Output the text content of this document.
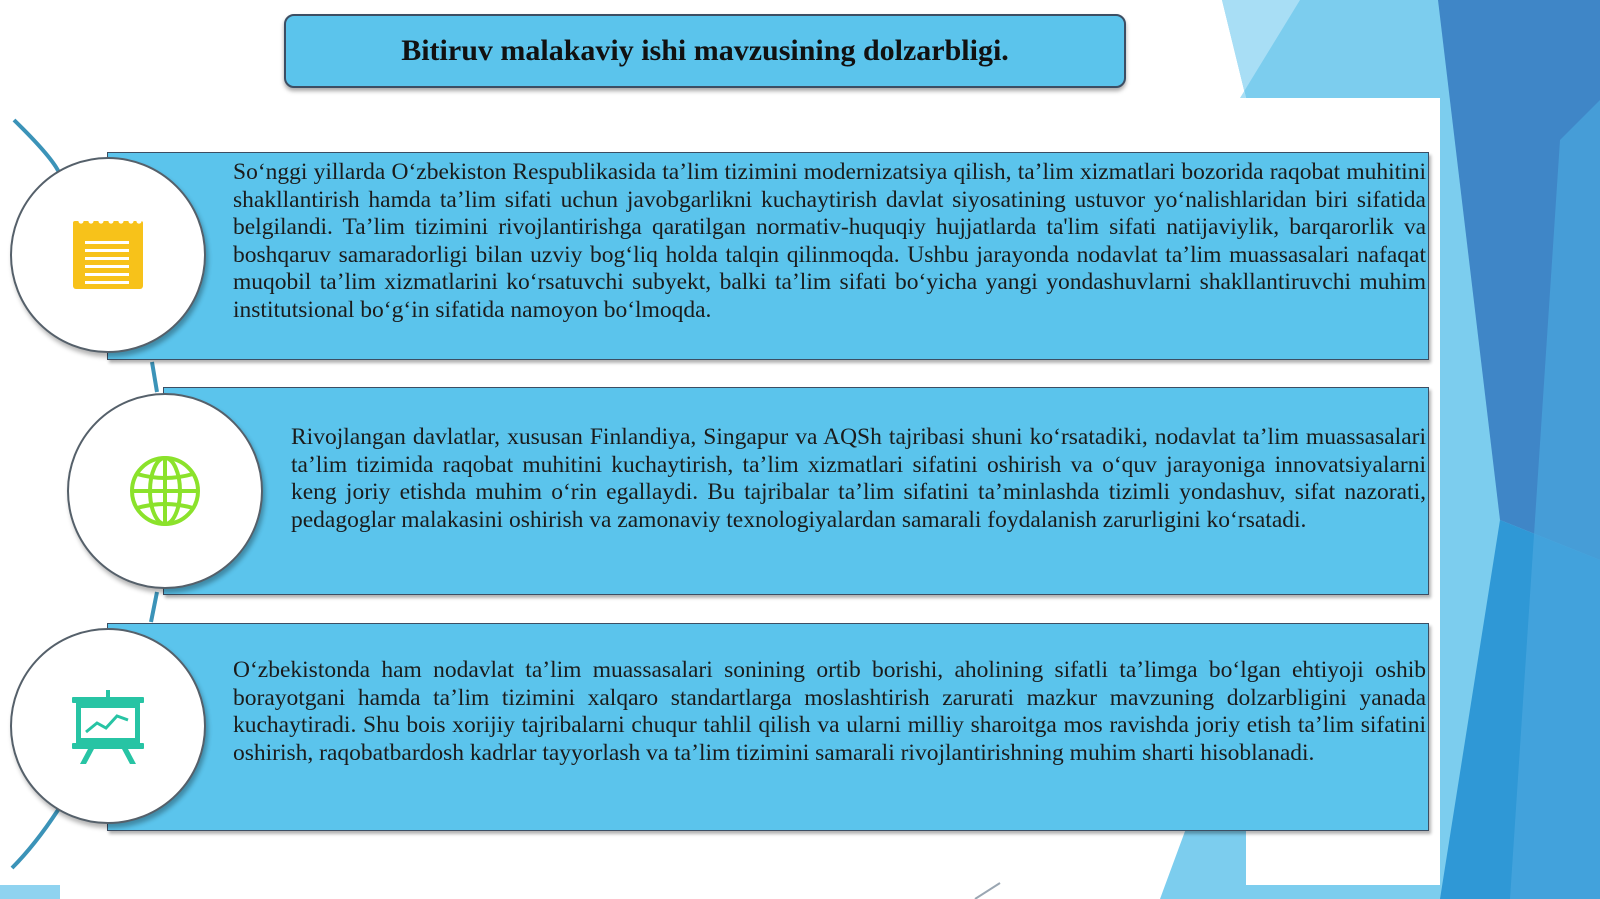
Bitiruv malakaviy ishi mavzusining dolzarbligi.
So‘nggi yillarda O‘zbekiston Respublikasida ta’lim tizimini modernizatsiya qilish, ta’lim xizmatlari bozorida raqobat muhitini shakllantirish hamda ta’lim sifati uchun javobgarlikni kuchaytirish davlat siyosatining ustuvor yo‘nalishlaridan biri sifatida belgilandi. Ta’lim tizimini rivojlantirishga qaratilgan normativ-huquqiy hujjatlarda ta'lim sifati natijaviylik, barqarorlik va boshqaruv samaradorligi bilan uzviy bog‘liq holda talqin qilinmoqda. Ushbu jarayonda nodavlat ta’lim muassasalari nafaqat muqobil ta’lim xizmatlarini ko‘rsatuvchi subyekt, balki ta’lim sifati bo‘yicha yangi yondashuvlarni shakllantiruvchi muhim institutsional bo‘g‘in sifatida namoyon bo‘lmoqda.
Rivojlangan davlatlar, xususan Finlandiya, Singapur va AQSh tajribasi shuni ko‘rsatadiki, nodavlat ta’lim muassasalari ta’lim tizimida raqobat muhitini kuchaytirish, ta’lim xizmatlari sifatini oshirish va o‘quv jarayoniga innovatsiyalarni keng joriy etishda muhim o‘rin egallaydi. Bu tajribalar ta’lim sifatini ta’minlashda tizimli yondashuv, sifat nazorati, pedagoglar malakasini oshirish va zamonaviy texnologiyalardan samarali foydalanish zarurligini ko‘rsatadi.
O‘zbekistonda ham nodavlat ta’lim muassasalari sonining ortib borishi, aholining sifatli ta’limga bo‘lgan ehtiyoji oshib borayotgani hamda ta’lim tizimini xalqaro standartlarga moslashtirish zarurati mazkur mavzuning dolzarbligini yanada kuchaytiradi. Shu bois xorijiy tajribalarni chuqur tahlil qilish va ularni milliy sharoitga mos ravishda joriy etish ta’lim sifatini oshirish, raqobatbardosh kadrlar tayyorlash va ta’lim tizimini samarali rivojlantirishning muhim sharti hisoblanadi.
